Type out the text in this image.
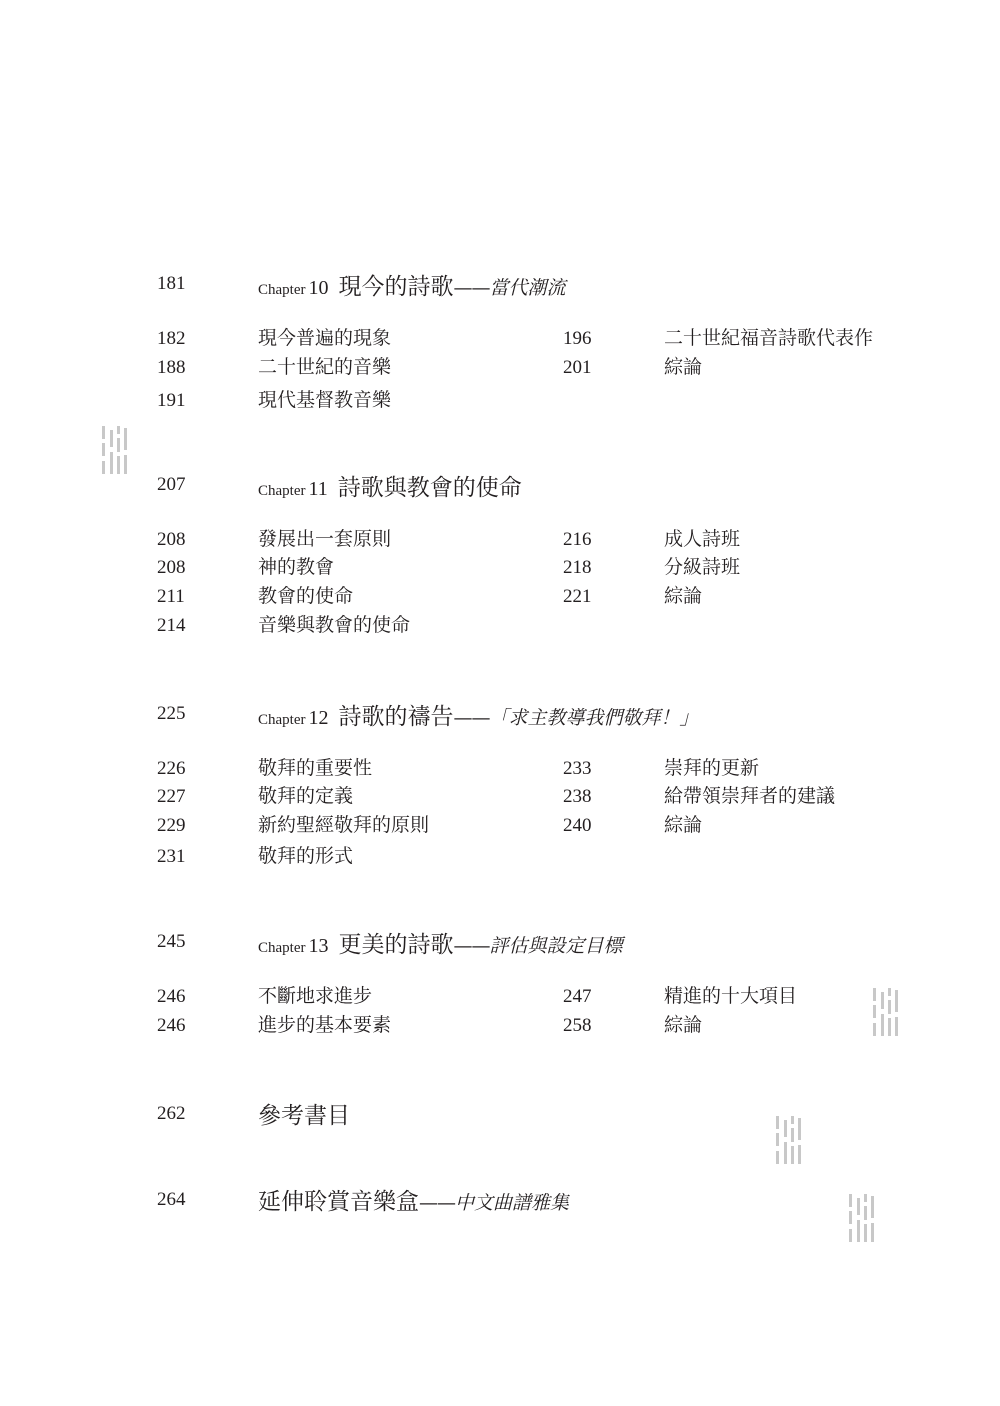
181	Chapter 10 現今的詩歌——當代潮流
182	現今普遍的現象
188	二十世紀的音樂
191	現代基督教音樂
196	二十世紀福音詩歌代表作
201	綜論
207	Chapter 11 詩歌與教會的使命
208	發展出一套原則
208	神的教會
211	教會的使命
214	音樂與教會的使命
216	成人詩班
218	分級詩班
221	綜論
225	Chapter 12 詩歌的禱告——「求主教導我們敬拜！」
226	敬拜的重要性
227	敬拜的定義
229	新約聖經敬拜的原則
231	敬拜的形式
233	崇拜的更新
238	給帶領崇拜者的建議
240	綜論
245	Chapter 13 更美的詩歌——評估與設定目標
246	不斷地求進步
246	進步的基本要素
247	精進的十大項目
258	綜論
262	參考書目
264	延伸聆賞音樂盒——中文曲譜雅集
